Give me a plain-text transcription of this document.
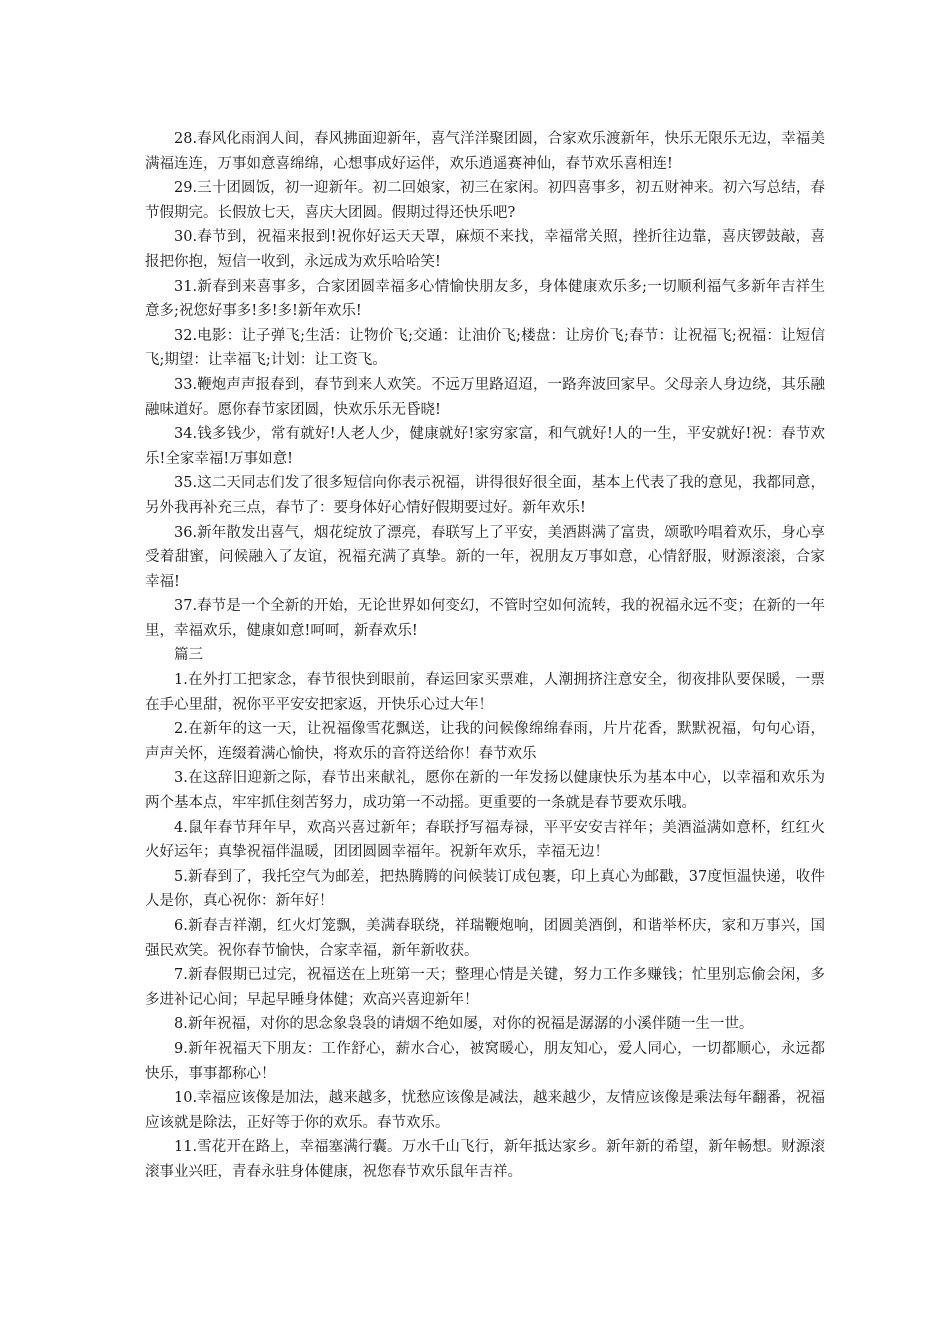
28.春风化雨润人间，春风拂面迎新年，喜气洋洋聚团圆，合家欢乐渡新年，快乐无限乐无边，幸福美满福连连，万事如意喜绵绵，心想事成好运伴，欢乐逍遥赛神仙，春节欢乐喜相连!

29.三十团圆饭，初一迎新年。初二回娘家，初三在家闲。初四喜事多，初五财神来。初六写总结，春节假期完。长假放七天，喜庆大团圆。假期过得还快乐吧?

30.春节到，祝福来报到!祝你好运天天罩，麻烦不来找，幸福常关照，挫折往边靠，喜庆锣鼓敲，喜报把你抱，短信一收到，永远成为欢乐哈哈笑!

31.新春到来喜事多，合家团圆幸福多心情愉快朋友多，身体健康欢乐多;一切顺利福气多新年吉祥生意多;祝您好事多!多!多!新年欢乐!

32.电影：让子弹飞;生活：让物价飞;交通：让油价飞;楼盘：让房价飞;春节：让祝福飞;祝福：让短信飞;期望：让幸福飞;计划：让工资飞。

33.鞭炮声声报春到，春节到来人欢笑。不远万里路迢迢，一路奔波回家早。父母亲人身边绕，其乐融融味道好。愿你春节家团圆，快欢乐乐无昏晓!

34.钱多钱少，常有就好!人老人少，健康就好!家穷家富，和气就好!人的一生，平安就好!祝：春节欢乐!全家幸福!万事如意!

35.这二天同志们发了很多短信向你表示祝福，讲得很好很全面，基本上代表了我的意见，我都同意，另外我再补充三点，春节了：要身体好心情好假期要过好。新年欢乐!

36.新年散发出喜气，烟花绽放了漂亮，春联写上了平安，美酒斟满了富贵，颂歌吟唱着欢乐，身心享受着甜蜜，问候融入了友谊，祝福充满了真挚。新的一年，祝朋友万事如意，心情舒服，财源滚滚，合家幸福!

37.春节是一个全新的开始，无论世界如何变幻，不管时空如何流转，我的祝福永远不变；在新的一年里，幸福欢乐，健康如意!呵呵，新春欢乐!

篇三

1.在外打工把家念，春节很快到眼前，春运回家买票难，人潮拥挤注意安全，彻夜排队要保暖，一票在手心里甜，祝你平平安安把家返，开快乐心过大年！

2.在新年的这一天，让祝福像雪花飘送，让我的问候像绵绵春雨，片片花香，默默祝福，句句心语，声声关怀，连缀着满心愉快，将欢乐的音符送给你！春节欢乐

3.在这辞旧迎新之际，春节出来献礼，愿你在新的一年发扬以健康快乐为基本中心，以幸福和欢乐为两个基本点，牢牢抓住刻苦努力，成功第一不动摇。更重要的一条就是春节要欢乐哦。

4.鼠年春节拜年早，欢高兴喜过新年；春联抒写福寿禄，平平安安吉祥年；美酒溢满如意杯，红红火火好运年；真挚祝福伴温暖，团团圆圆幸福年。祝新年欢乐，幸福无边！

5.新春到了，我托空气为邮差，把热腾腾的问候装订成包裹，印上真心为邮戳，37度恒温快递，收件人是你，真心祝你：新年好！

6.新春吉祥潮，红火灯笼飘，美满春联绕，祥瑞鞭炮响，团圆美酒倒，和谐举杯庆，家和万事兴，国强民欢笑。祝你春节愉快，合家幸福，新年新收获。

7.新春假期已过完，祝福送在上班第一天；整理心情是关键，努力工作多赚钱；忙里别忘偷会闲，多多进补记心间；早起早睡身体健；欢高兴喜迎新年！

8.新年祝福，对你的思念象袅袅的请烟不绝如屡，对你的祝福是潺潺的小溪伴随一生一世。

9.新年祝福天下朋友：工作舒心，薪水合心，被窝暖心，朋友知心，爱人同心，一切都顺心，永远都快乐，事事都称心！

10.幸福应该像是加法，越来越多，忧愁应该像是减法，越来越少，友情应该像是乘法每年翻番，祝福应该就是除法，正好等于你的欢乐。春节欢乐。

11.雪花开在路上，幸福塞满行囊。万水千山飞行，新年抵达家乡。新年新的希望，新年畅想。财源滚滚事业兴旺，青春永驻身体健康，祝您春节欢乐鼠年吉祥。
